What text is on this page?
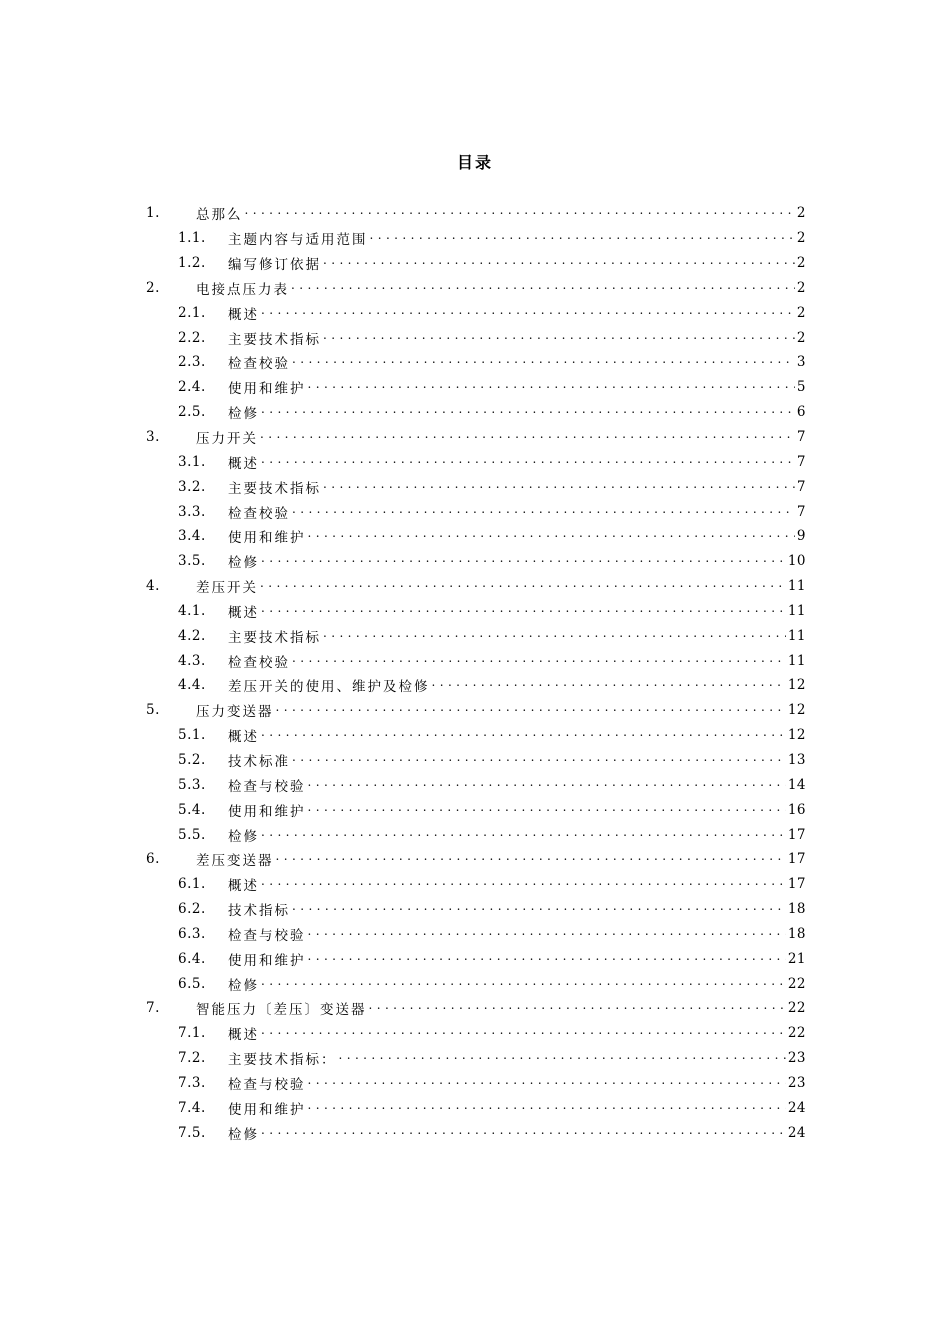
目录
1.	总那么 . . .	2
1.1.	主题内容与适用范围 . . .	2
1.2.	编写修订依据 . . .	2
2.	电接点压力表 . . .	2
2.1.	概述 . . .	2
2.2.	主要技术指标 . . .	2
2.3.	检查校验 . . .	3
2.4.	使用和维护 . . .	5
2.5.	检修 . . .	6
3.	压力开关 . . .	7
3.1.	概述 . . .	7
3.2.	主要技术指标 . . .	7
3.3.	检查校验 . . .	7
3.4.	使用和维护 . . .	9
3.5.	检修 . . .	10
4.	差压开关 . . .	11
4.1.	概述 . . .	11
4.2.	主要技术指标 . . .	11
4.3.	检查校验 . . .	11
4.4.	差压开关的使用、维护及检修 . . .	12
5.	压力变送器 . . .	12
5.1.	概述 . . .	12
5.2.	技术标准 . . .	13
5.3.	检查与校验 . . .	14
5.4.	使用和维护 . . .	16
5.5.	检修 . . .	17
6.	差压变送器 . . .	17
6.1.	概述 . . .	17
6.2.	技术指标 . . .	18
6.3.	检查与校验 . . .	18
6.4.	使用和维护 . . .	21
6.5.	检修 . . .	22
7.	智能压力〔差压〕变送器 . . .	22
7.1.	概述 . . .	22
7.2.	主要技术指标： . . .	23
7.3.	检查与校验 . . .	23
7.4.	使用和维护 . . .	24
7.5.	检修 . . .	24
